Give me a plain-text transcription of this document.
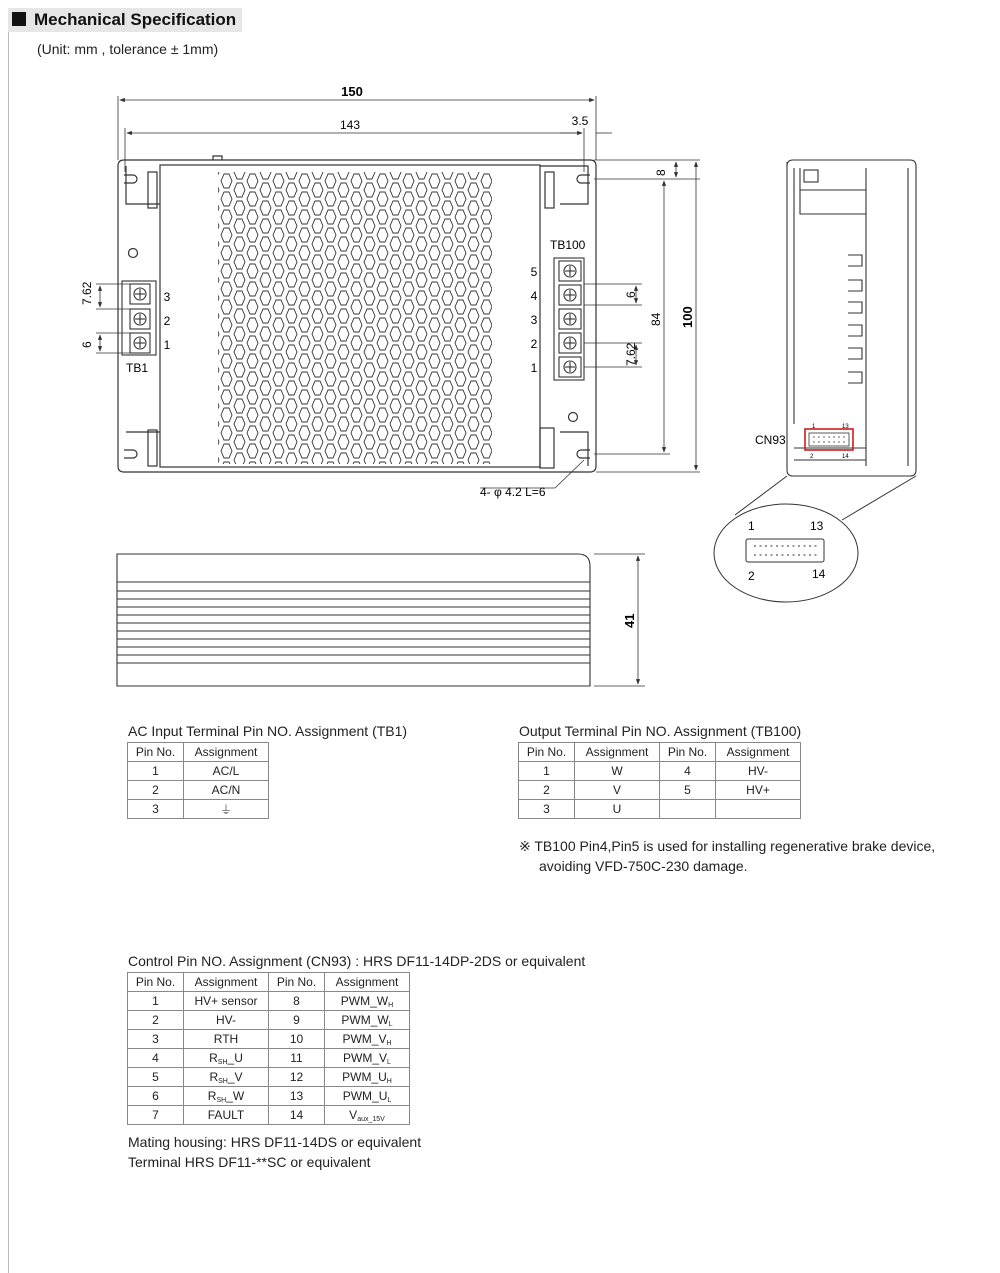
Mechanical Specification
(Unit: mm , tolerance ± 1mm)
3
2
1
TB1
7.62
6
TB100
5
4
3
2
1
6
7.62
150
143	3.5
8
84 100
4- φ 4.2 L=6
1	13
2	14
CN93
1	13
2	14
41
AC Input Terminal Pin NO. Assignment (TB1)
Pin No.	Assignment
1	AC/L
2	AC/N
3	⏚
Output Terminal Pin NO. Assignment (TB100)
Pin No.	Assignment	Pin No.	Assignment
1	W	4	HV-
2	V	5	HV+
3	U		
※ TB100 Pin4,Pin5 is used for installing regenerative brake device,
avoiding VFD-750C-230 damage.
Control Pin NO. Assignment (CN93) : HRS DF11-14DP-2DS or equivalent
Pin No.	Assignment	Pin No.	Assignment
1	HV+ sensor	8	$PWM\_W_H$
2	HV-	9	$PWM\_W_L$
3	RTH	10	$PWM\_V_H$
4	$R_{SH}\_U$	11	$PWM\_V_L$
5	$R_{SH}\_V$	12	$PWM\_U_H$
6	$R_{SH}\_W$	13	$PWM\_U_L$
7	FAULT	14	$V_{aux\_15V}$
Mating housing: HRS DF11-14DS or equivalent
Terminal HRS DF11-**SC or equivalent
